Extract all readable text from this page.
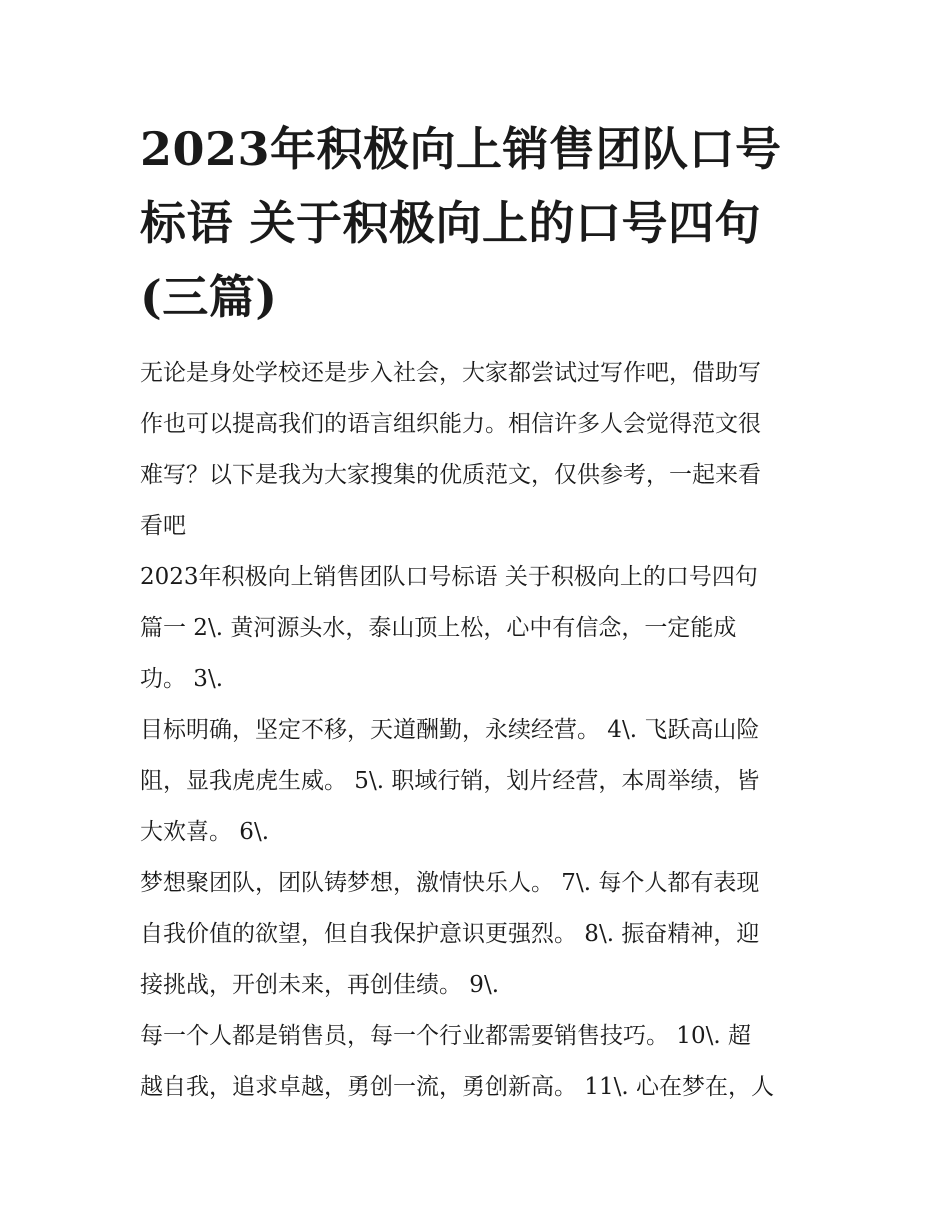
2023年积极向上销售团队口号
标语 关于积极向上的口号四句
(三篇)

无论是身处学校还是步入社会，大家都尝试过写作吧，借助写
作也可以提高我们的语言组织能力。相信许多人会觉得范文很
难写？以下是我为大家搜集的优质范文，仅供参考，一起来看
看吧

2023年积极向上销售团队口号标语 关于积极向上的口号四句
篇一 2\. 黄河源头水，泰山顶上松，心中有信念，一定能成
功。 3\.

目标明确，坚定不移，天道酬勤，永续经营。 4\. 飞跃高山险
阻，显我虎虎生威。 5\. 职域行销，划片经营，本周举绩，皆
大欢喜。 6\.

梦想聚团队，团队铸梦想，激情快乐人。 7\. 每个人都有表现
自我价值的欲望，但自我保护意识更强烈。 8\. 振奋精神，迎
接挑战，开创未来，再创佳绩。 9\.

每一个人都是销售员，每一个行业都需要销售技巧。 10\. 超
越自我，追求卓越，勇创一流，勇创新高。 11\. 心在梦在，人
